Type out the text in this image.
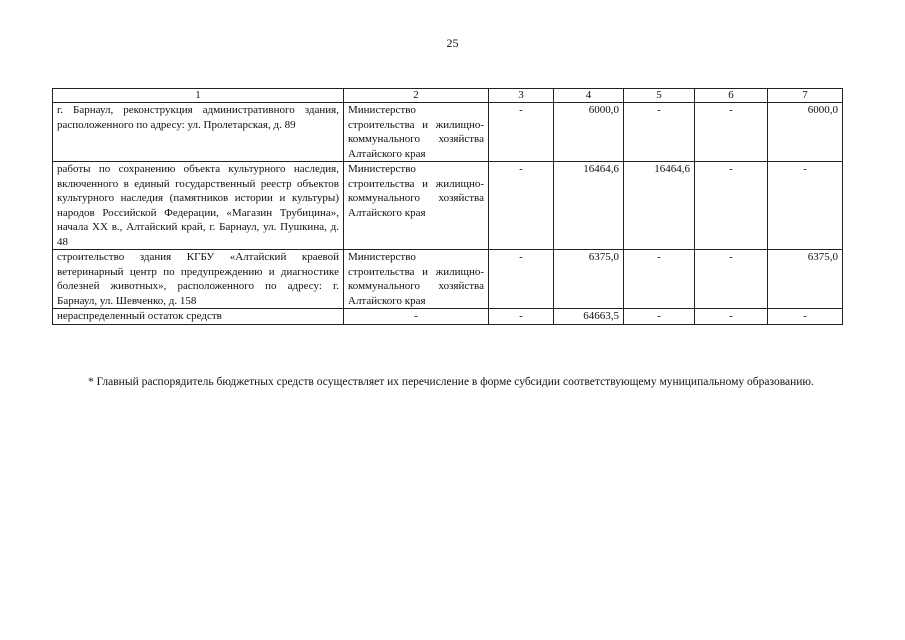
25
1	2	3	4	5	6	7
г. Барнаул, реконструкция административного здания, расположенного по адресу: ул. Пролетарская, д. 89	Министерство строительства и жилищно-коммунального хозяйства Алтайского края	-	6000,0	-	-	6000,0
работы по сохранению объекта культурного наследия, включенного в единый государственный реестр объектов культурного наследия (памятников истории и культуры) народов Российской Федерации, «Магазин Трубицина», начала XX в., Алтайский край, г. Барнаул, ул. Пушкина, д. 48	Министерство строительства и жилищно-коммунального хозяйства Алтайского края	-	16464,6	16464,6	-	-
строительство здания КГБУ «Алтайский краевой ветеринарный центр по предупреждению и диагностике болезней животных», расположенного по адресу: г. Барнаул, ул. Шевченко, д. 158	Министерство строительства и жилищно-коммунального хозяйства Алтайского края	-	6375,0	-	-	6375,0
нераспределенный остаток средств	-	-	64663,5	-	-	-

* Главный распорядитель бюджетных средств осуществляет их перечисление в форме субсидии соответствующему муниципальному образованию.
